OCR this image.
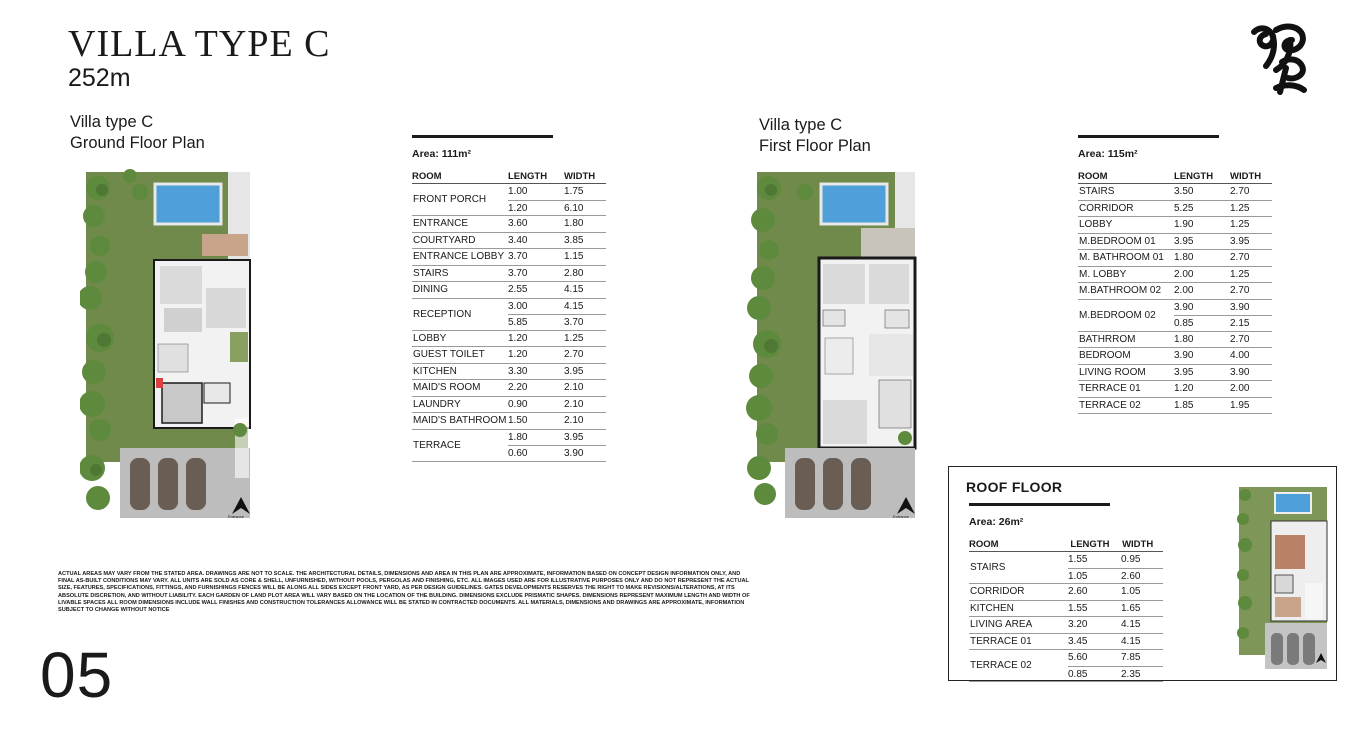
VILLA TYPE C
252m
Villa type C
Ground Floor Plan
Villa type C
First Floor Plan
Entrance	Entrance
Area: 111m²
ROOM	LENGTH	WIDTH
FRONT PORCH
1.00	1.75
1.20	6.10
ENTRANCE	3.60	1.80
COURTYARD	3.40	3.85
ENTRANCE LOBBY 3.70	1.15
STAIRS	3.70	2.80
DINING	2.55	4.15
RECEPTION
3.00	4.15
5.85	3.70
LOBBY	1.20	1.25
GUEST TOILET	1.20	2.70
KITCHEN	3.30	3.95
MAID'S ROOM	2.20	2.10
LAUNDRY	0.90	2.10
MAID'S BATHROOM 1.50	2.10
TERRACE
1.80	3.95
0.60	3.90
Area: 115m²
ROOM	LENGTH	WIDTH
STAIRS	3.50	2.70
CORRIDOR	5.25	1.25
LOBBY	1.90	1.25
M.BEDROOM 01	3.95	3.95
M. BATHROOM 01	1.80	2.70
M. LOBBY	2.00	1.25
M.BATHROOM 02	2.00	2.70
M.BEDROOM 02
3.90	3.90
0.85	2.15
BATHRROM	1.80	2.70
BEDROOM	3.90	4.00
LIVING ROOM	3.95	3.90
TERRACE 01	1.20	2.00
TERRACE 02	1.85	1.95
ROOF FLOOR
Area: 26m²
ROOM	LENGTH	WIDTH
STAIRS
1.55	0.95
1.05	2.60
CORRIDOR	2.60	1.05
KITCHEN	1.55	1.65
LIVING AREA	3.20	4.15
TERRACE 01	3.45	4.15
TERRACE 02
5.60	7.85
0.85	2.35
ACTUAL AREAS MAY VARY FROM THE STATED AREA. DRAWINGS ARE NOT TO SCALE. THE ARCHITECTURAL DETAILS, DIMENSIONS AND AREA IN THIS PLAN ARE APPROXIMATE, INFORMATION BASED ON CONCEPT DESIGN INFORMATION ONLY, AND FINAL AS-BUILT CONDITIONS MAY VARY. ALL UNITS ARE SOLD AS CORE & SHELL, UNFURNISHED, WITHOUT POOLS, PERGOLAS AND FINISHING, ETC. ALL IMAGES USED ARE FOR ILLUSTRATIVE PURPOSES ONLY AND DO NOT REPRESENT THE ACTUAL SIZE, FEATURES, SPECIFICATIONS, FITTINGS, AND FURNISHINGS FENCES WILL BE ALONG ALL SIDES EXCEPT FRONT YARD, AS PER DESIGN GUIDELINES. GATES DEVELOPMENTS RESERVES THE RIGHT TO MAKE REVISIONS/ALTERATIONS, AT ITS ABSOLUTE DISCRETION, AND WITHOUT LIABILITY. EACH GARDEN OF LAND PLOT AREA WILL VARY BASED ON THE LOCATION OF THE BUILDING. DIMENSIONS EXCLUDE PRISMATIC SHAPES. DIMENSIONS REPRESENT MAXIMUM LENGTH AND WIDTH OF LIVABLE SPACES ALL ROOM DIMENSIONS INCLUDE WALL FINISHES AND CONSTRUCTION TOLERANCES ALLOWANCE WILL BE STATED IN CONTRACTED DOCUMENTS. ALL MATERIALS, DIMENSIONS AND DRAWINGS ARE APPROXIMATE, INFORMATION SUBJECT TO CHANGE WITHOUT NOTICE
05
